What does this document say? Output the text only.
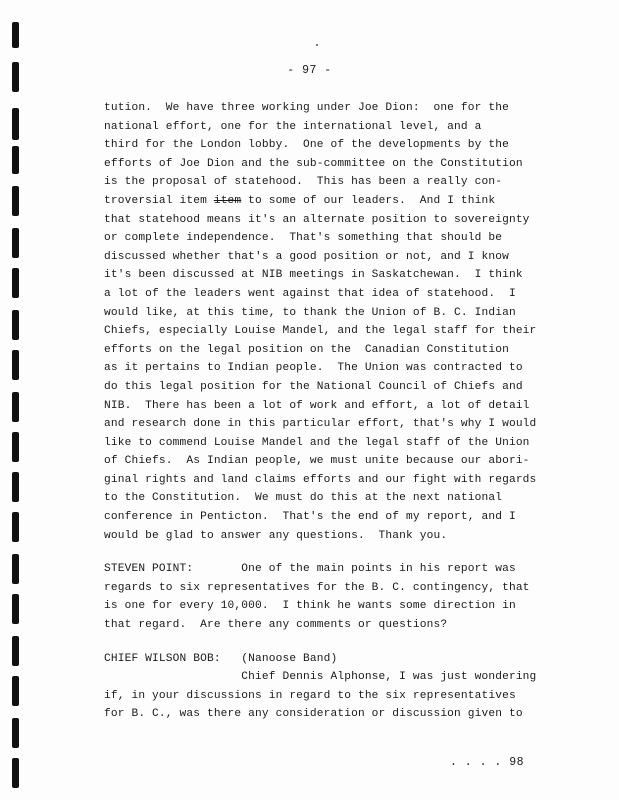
- 97 -
tution.  We have three working under Joe Dion:  one for the
national effort, one for the international level, and a
third for the London lobby.  One of the developments by the
efforts of Joe Dion and the sub-committee on the Constitution
is the proposal of statehood.  This has been a really con-
troversial item item to some of our leaders.  And I think
that statehood means it's an alternate position to sovereignty
or complete independence.  That's something that should be
discussed whether that's a good position or not, and I know
it's been discussed at NIB meetings in Saskatchewan.  I think
a lot of the leaders went against that idea of statehood.  I
would like, at this time, to thank the Union of B. C. Indian
Chiefs, especially Louise Mandel, and the legal staff for their
efforts on the legal position on the  Canadian Constitution
as it pertains to Indian people.  The Union was contracted to
do this legal position for the National Council of Chiefs and
NIB.  There has been a lot of work and effort, a lot of detail
and research done in this particular effort, that's why I would
like to commend Louise Mandel and the legal staff of the Union
of Chiefs.  As Indian people, we must unite because our abori-
ginal rights and land claims efforts and our fight with regards
to the Constitution.  We must do this at the next national
conference in Penticton.  That's the end of my report, and I
would be glad to answer any questions.  Thank you.
STEVEN POINT:       One of the main points in his report was
regards to six representatives for the B. C. contingency, that
is one for every 10,000.  I think he wants some direction in
that regard.  Are there any comments or questions?
CHIEF WILSON BOB:   (Nanoose Band)
Chief Dennis Alphonse, I was just wondering
if, in your discussions in regard to the six representatives
for B. C., was there any consideration or discussion given to
. . . . 98
